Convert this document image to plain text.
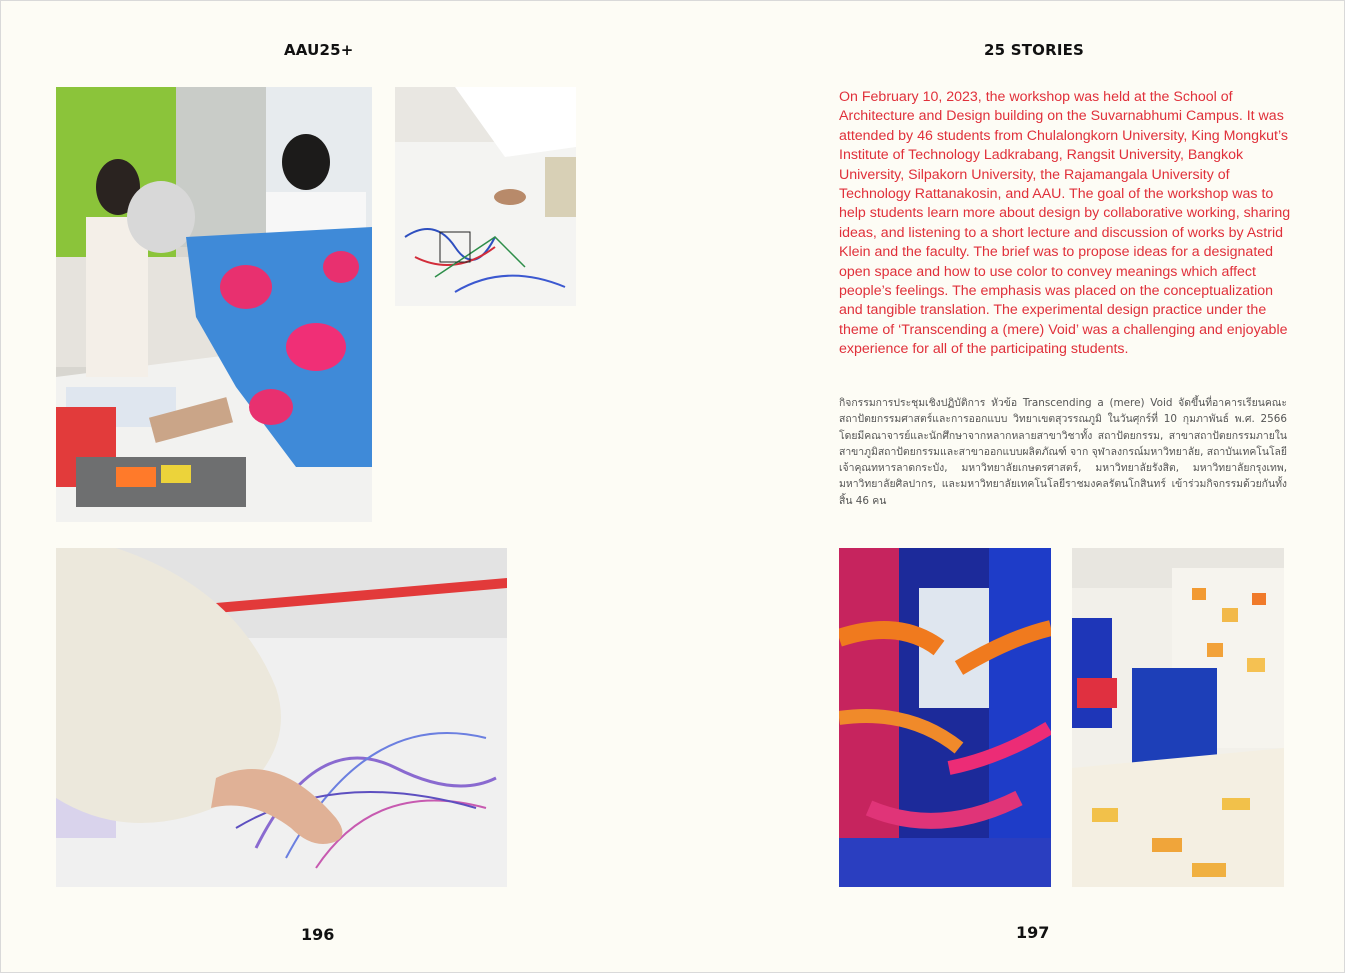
AAU25+
196
25 STORIES
On February 10, 2023, the workshop was held at the School of Architecture and Design building on the Suvarnabhumi Campus. It was attended by 46 students from Chulalongkorn University, King Mongkut’s Institute of Technology Ladkrabang, Rangsit University, Bangkok University, Silpakorn University, the Rajamangala University of Technology Rattanakosin, and AAU. The goal of the workshop was to help students learn more about design by collaborative working, sharing ideas, and listening to a short lecture and discussion of works by Astrid Klein and the faculty. The brief was to propose ideas for a designated open space and how to use color to convey meanings which affect people’s feelings. The emphasis was placed on the conceptualization and tangible translation. The experimental design practice under the theme of ‘Transcending a (mere) Void’ was a challenging and enjoyable experience for all of the participating students.
กิจกรรมการประชุมเชิงปฏิบัติการ หัวข้อ Transcending a (mere) Void จัดขึ้นที่อาคารเรียนคณะสถาปัตยกรรมศาสตร์และการออกแบบ วิทยาเขตสุวรรณภูมิ ในวันศุกร์ที่ 10 กุมภาพันธ์ พ.ศ. 2566 โดยมีคณาจารย์และนักศึกษาจากหลากหลายสาขาวิชาทั้ง สถาปัตยกรรม, สาขาสถาปัตยกรรมภายใน สาขาภูมิสถาปัตยกรรมและสาขาออกแบบผลิตภัณฑ์ จาก จุฬาลงกรณ์มหาวิทยาลัย, สถาบันเทคโนโลยีเจ้าคุณทหารลาดกระบัง, มหาวิทยาลัยเกษตรศาสตร์, มหาวิทยาลัยรังสิต, มหาวิทยาลัยกรุงเทพ, มหาวิทยาลัยศิลปากร, และมหาวิทยาลัยเทคโนโลยีราชมงคลรัตนโกสินทร์ เข้าร่วมกิจกรรมด้วยกันทั้งสิ้น 46 คน
197
